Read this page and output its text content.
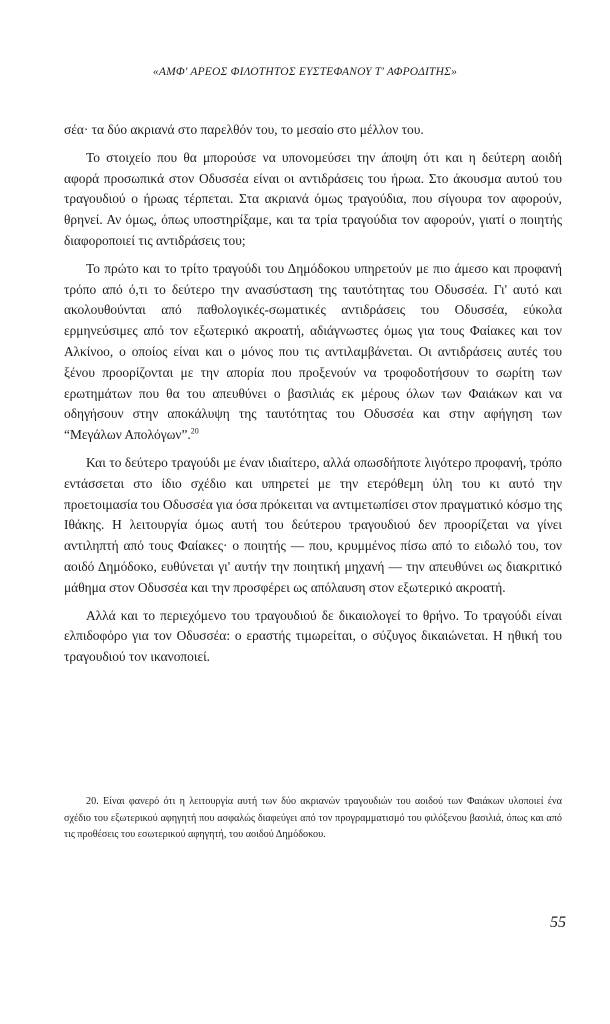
«ΑΜΦ' ΑΡΕΟΣ ΦΙΛΟΤΗΤΟΣ ΕΥΣΤΕΦΑΝΟΥ Τ' ΑΦΡΟΔΙΤΗΣ»

σέα· τα δύο ακριανά στο παρελθόν του, το μεσαίο στο μέλλον του.

Το στοιχείο που θα μπορούσε να υπονομεύσει την άποψη ότι και η δεύτερη αοιδή αφορά προσωπικά στον Οδυσσέα είναι οι αντιδράσεις του ήρωα. Στο άκουσμα αυτού του τραγουδιού ο ήρωας τέρπεται. Στα ακριανά όμως τραγούδια, που σίγουρα τον αφορούν, θρηνεί. Αν όμως, όπως υποστηρίξαμε, και τα τρία τραγούδια τον αφορούν, γιατί ο ποιητής διαφοροποιεί τις αντιδράσεις του;

Το πρώτο και το τρίτο τραγούδι του Δημόδοκου υπηρετούν με πιο άμεσο και προφανή τρόπο από ό,τι το δεύτερο την ανασύσταση της ταυτότητας του Οδυσσέα. Γι' αυτό και ακολουθούνται από παθολογικές-σωματικές αντιδράσεις του Οδυσσέα, εύκολα ερμηνεύσιμες από τον εξωτερικό ακροατή, αδιάγνωστες όμως για τους Φαίακες και τον Αλκίνοο, ο οποίος είναι και ο μόνος που τις αντιλαμβάνεται. Οι αντιδράσεις αυτές του ξένου προορίζονται με την απορία που προξενούν να τροφοδοτήσουν το σωρίτη των ερωτημάτων που θα του απευθύνει ο βασιλιάς εκ μέρους όλων των Φαιάκων και να οδηγήσουν στην αποκάλυψη της ταυτότητας του Οδυσσέα και στην αφήγηση των “Μεγάλων Απολόγων”.$^{20}$

Και το δεύτερο τραγούδι με έναν ιδιαίτερο, αλλά οπωσδήποτε λιγότερο προφανή, τρόπο εντάσσεται στο ίδιο σχέδιο και υπηρετεί με την ετερόθεμη ύλη του κι αυτό την προετοιμασία του Οδυσσέα για όσα πρόκειται να αντιμετωπίσει στον πραγματικό κόσμο της Ιθάκης. Η λειτουργία όμως αυτή του δεύτερου τραγουδιού δεν προορίζεται να γίνει αντιληπτή από τους Φαίακες· ο ποιητής — που, κρυμμένος πίσω από το ειδωλό του, τον αοιδό Δημόδοκο, ευθύνεται γι' αυτήν την ποιητική μηχανή — την απευθύνει ως διακριτικό μάθημα στον Οδυσσέα και την προσφέρει ως απόλαυση στον εξωτερικό ακροατή.

Αλλά και το περιεχόμενο του τραγουδιού δε δικαιολογεί το θρήνο. Το τραγούδι είναι ελπιδοφόρο για τον Οδυσσέα: ο εραστής τιμωρείται, ο σύζυγος δικαιώνεται. Η ηθική του τραγουδιού τον ικανοποιεί.

20. Είναι φανερό ότι η λειτουργία αυτή των δύο ακριανών τραγουδιών του αοιδού των Φαιάκων υλοποιεί ένα σχέδιο του εξωτερικού αφηγητή που ασφαλώς διαφεύγει από τον προγραμματισμό του φιλόξενου βασιλιά, όπως και από τις προθέσεις του εσωτερικού αφηγητή, του αοιδού Δημόδοκου.

55
